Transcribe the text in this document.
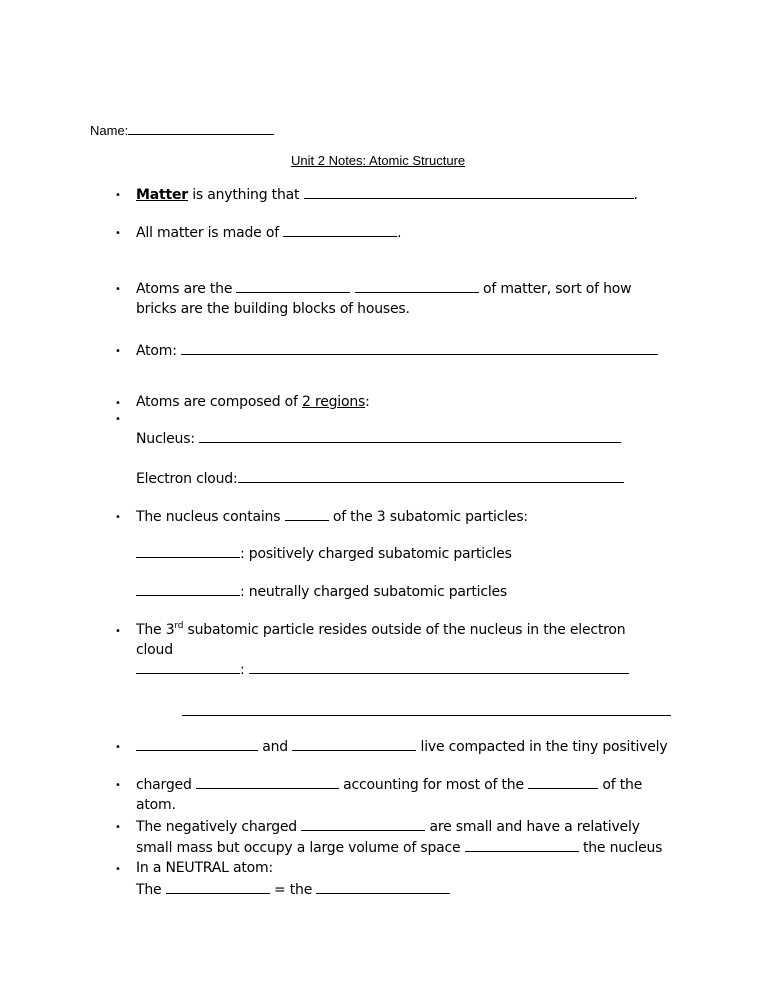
Name:
Unit 2 Notes: Atomic Structure
• Matter is anything that	.
• All matter is made of	.
• Atoms are the	of matter, sort of how
bricks are the building blocks of houses.
• Atom:
•
•
Atoms are composed of 2 regions:
Nucleus:
Electron cloud:
• The nucleus contains	of the 3 subatomic particles:
: positively charged subatomic particles
: neutrally charged subatomic particles
• The 3rd subatomic particle resides outside of the nucleus in the electron
cloud
:
•	and	live compacted in the tiny positively
• charged	accounting for most of the	of the
atom.
• The negatively charged	are small and have a relatively
small mass but occupy a large volume of space	the nucleus
• In a NEUTRAL atom:
The	= the
